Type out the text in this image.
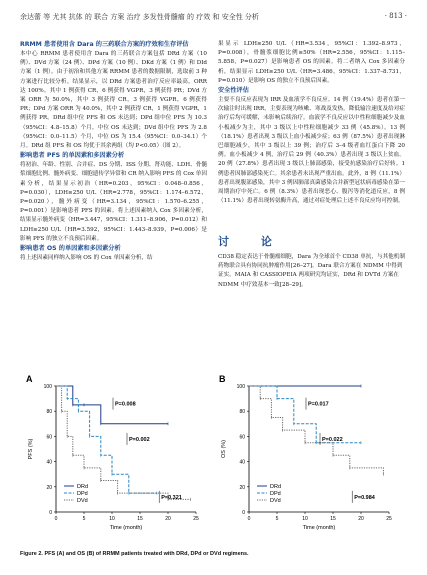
余达蕾 等 尤其 抗体 的 联合 方案 治疗 多发性骨髓瘤 的 疗效 和 安全性 分析	· 813 ·

RRMM 患者使用含 Dara 的三药联合方案的疗效和生存评估

本中心 RRMM 患者使用含 Dara 的三药联合方案包括 DRd 方案（10 例）、DVd 方案（24 例）、DPd 方案（10 例）、DKd 方案（1 例）和 DId 方案（1 例）。由于初治和其他方案 RRMM 患者的数据限制，选取前 3 种方案进行比较分析。结果显示，以 DRd 方案患者治疗反应率最高，ORR 达 100%。其中 1 例获得 CR，6 例获得 VGPR，3 例获得 PR；DVd 方案 ORR 为 50.0%，其中 3 例获得 CR，3 例获得 VGPR，6 例获得 PR；DPd 方案 ORR 为 40.0%，其中 2 例获得 CR，1 例获得 VGPR，1 例获得 PR。DRd 组中位 PFS 和 OS 未达到；DPd 组中位 PFS 为 10.3（95%CI：4.8–15.8）个月，中位 OS 未达到；DVd 组中位 PFS 为 2.8（95%CI：0.0–11.5）个月，中位 OS 为 15.4（95%CI：0.0–34.1）个月。DRd 组 PFS 和 OS 均优于其余两组（均 P<0.05）（图 2）。

影响患者 PFS 的单因素和多因素分析

将初治、年龄、性别、合并症、DS 分期、ISS 分期、肾功能、LDH、骨髓浆细胞比例、髓外病变、细胞遗传学异常和 CR 纳入影响 PFS 的 Cox 单因素分析，结果显示初治（HR=0.203，95%CI：0.048–0.856，P=0.030），LDH≥250 U/L（HR=2.778，95%CI：1.174–6.572，P=0.020），髓外病变（HR=3.134，95%CI：1.570–6.255，P=0.001）是影响患者 PFS 的因素。将上述因素纳入 Cox 多因素分析，结果显示髓外病变（HR=3.447，95%CI：1.311–8.906，P=0.012）和 LDH≥250 U/L（HR=3.592，95%CI：1.443–8.939，P=0.006）是影响 PFS 的独立不良预后因素。

影响患者 OS 的单因素和多因素分析

将上述因素同样纳入影响 OS 的 Cox 单因素分析，结

果显示 LDH≥250 U/L（HR=3.534，95%CI：1.392–8.973，P=0.008），骨髓浆细胞比例≥50%（HR=2.556，95%CI：1.115–5.858，P=0.027）是影响患者 OS 的因素。将二者纳入 Cox 多因素分析，结果显示 LDH≥250 U/L（HR=3.486，95%CI：1.337–8.731，P=0.010）是影响 OS 的独立不良预后因素。

安全性评估

主要不良反应表现为 IRR 及血液学不良反应。14 例（19.4%）患者在第一次输注时出现 IRR，主要表现为咳嗽、寒战及发热，降低输注速度及给对症治疗后均可缓解，未影响后续治疗。血液学不良反应以中性粒细胞减少及血小板减少为主，其中 3 级以上中性粒细胞减少 33 例（45.8%），13 例（18.1%）患者出现 3 级以上血小板减少症；63 例（87.5%）患者出现淋巴细胞减少，其中 3 级以上 39 例；治疗后 3–4 级者血红蛋白下降 20 例。血小板减少 4 例，治疗后 29 例（40.3%）患者出现 3 级以上贫血。20 例（27.8%）患者出现 3 级以上肺部感染，接受抗感染治疗后好转。1 例患者因肺部感染死亡。其余患者未出现严重出血。此外，8 例（11.1%）患者出现腹部感染，其中 3 例因肺部真菌感染合并新型冠状病毒感染在第一周期治疗中死亡。6 例（8.3%）患者出现恶心、腹泻等消化道反应，8 例（11.1%）患者出现转氨酶升高，通过对症处理后上述不良反应均可控制。

讨 论
CD38 稳定表达于骨髓瘤细胞，Dara 为全球首个 CD38 单抗，与其他机制药物联合具有协同抗肿瘤作用[26–27]。Dara 联合方案在 NDMM 中得到证实。MAIA 和 CASSIOPEIA 两项研究均证实，DRd 和 DVTd 方案在 NDMM 中疗效基本一致[28–29]。
A
0
20
40
60
80
100
0	5	10	15	20	25
Time (month)
PFS (%)
P=0.008
P=0.002
P=0.321
DRd
DPd
DVd
B
0
20
40
60
80
100
0	5	10	15	20	25
Time (month)
OS (%)
P=0.017
P=0.022
P=0.984
DRd
DPd
DVd
Figure 2. PFS (A) and OS (B) of RRMM patients treated with DRd, DPd or DVd regimens.
